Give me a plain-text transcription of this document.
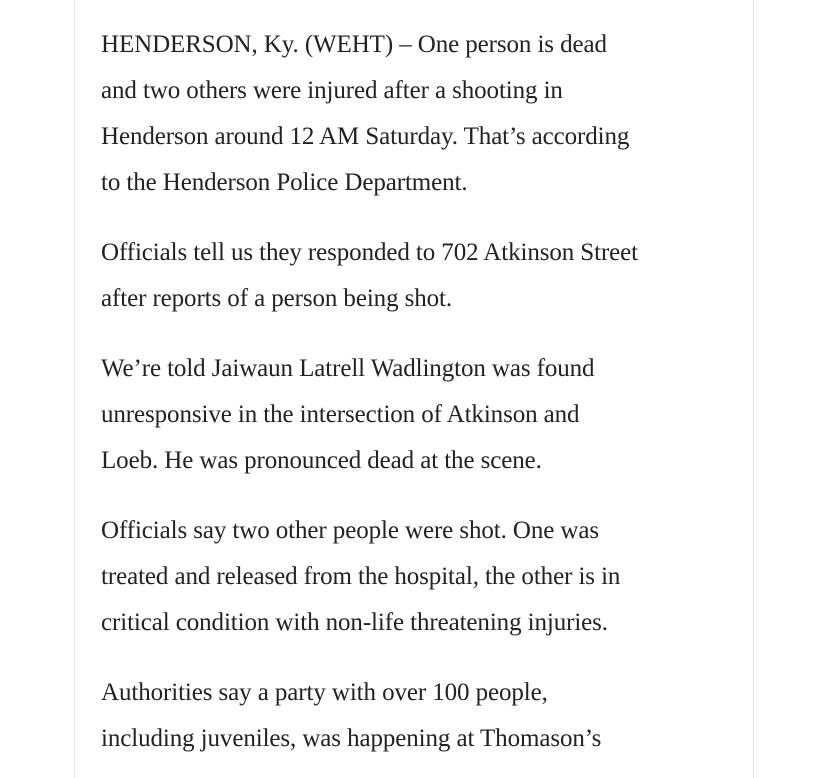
HENDERSON, Ky. (WEHT) – One person is dead
and two others were injured after a shooting in
Henderson around 12 AM Saturday. That’s according
to the Henderson Police Department.

Officials tell us they responded to 702 Atkinson Street
after reports of a person being shot.

We’re told Jaiwaun Latrell Wadlington was found
unresponsive in the intersection of Atkinson and
Loeb. He was pronounced dead at the scene.

Officials say two other people were shot. One was
treated and released from the hospital, the other is in
critical condition with non-life threatening injuries.

Authorities say a party with over 100 people,
including juveniles, was happening at Thomason’s
